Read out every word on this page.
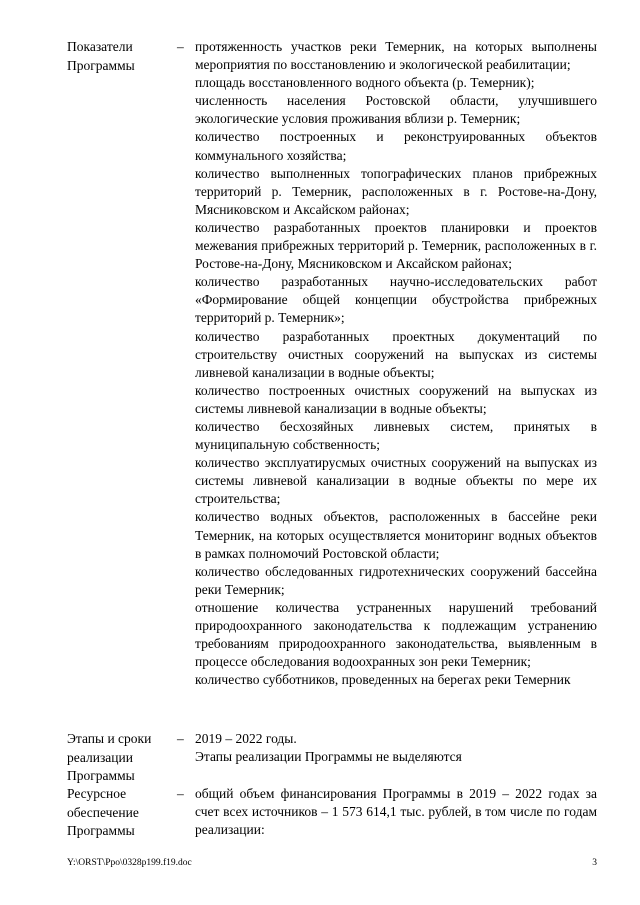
Показатели Программы
– протяженность участков реки Темерник, на которых выполнены мероприятия по восстановлению и экологической реабилитации;

площадь восстановленного водного объекта (р. Темерник);

численность населения Ростовской области, улучшившего экологические условия проживания вблизи р. Темерник;

количество построенных и реконструированных объектов коммунального хозяйства;

количество выполненных топографических планов прибрежных территорий р. Темерник, расположенных в г. Ростове-на-Дону, Мясниковском и Аксайском районах;

количество разработанных проектов планировки и проектов межевания прибрежных территорий р. Темерник, расположенных в г. Ростове-на-Дону, Мясниковском и Аксайском районах;

количество разработанных научно-исследовательских работ «Формирование общей концепции обустройства прибрежных территорий р. Темерник»;

количество разработанных проектных документаций по строительству очистных сооружений на выпусках из системы ливневой канализации в водные объекты;

количество построенных очистных сооружений на выпусках из системы ливневой канализации в водные объекты;

количество бесхозяйных ливневых систем, принятых в муниципальную собственность;

количество эксплуатирусмых очистных сооружений на выпусках из системы ливневой канализации в водные объекты по мере их строительства;

количество водных объектов, расположенных в бассейне реки Темерник, на которых осуществляется мониторинг водных объектов в рамках полномочий Ростовской области;

количество обследованных гидротехнических сооружений бассейна реки Темерник;

отношение количества устраненных нарушений требований природоохранного законодательства к подлежащим устранению требованиям природоохранного законодательства, выявленным в процессе обследования водоохранных зон реки Темерник;

количество субботников, проведенных на берегах реки Темерник

Этапы и сроки реализации Программы
– 2019 – 2022 годы.

Этапы реализации Программы не выделяются

Ресурсное обеспечение Программы
– общий объем финансирования Программы в 2019 – 2022 годах за счет всех источников – 1 573 614,1 тыс. рублей, в том числе по годам реализации:

Y:\ORST\Ppo\0328p199.f19.doc	3
